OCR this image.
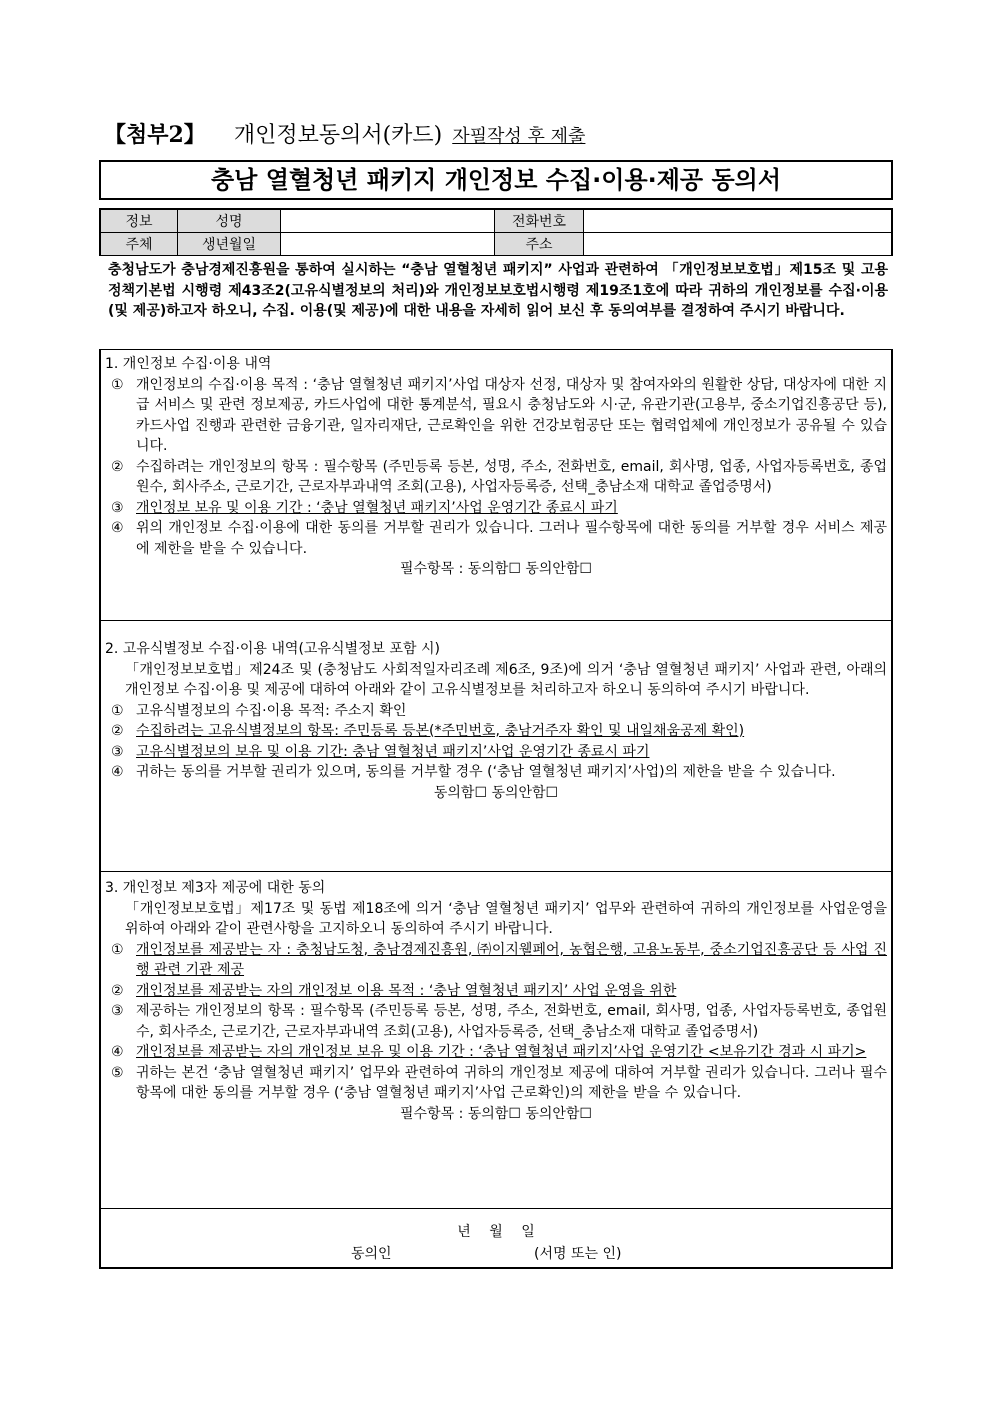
【첨부2】 개인정보동의서(카드) 자필작성 후 제출
충남 열혈청년 패키지 개인정보 수집·이용·제공 동의서
정보	성명		전화번호	
주체	생년월일		주소	
충청남도가 충남경제진흥원을 통하여 실시하는 “충남 열혈청년 패키지” 사업과 관련하여 「개인정보보호법」제15조 및 고용정책기본법 시행령 제43조2(고유식별정보의 처리)와 개인정보보호법시행령 제19조1호에 따라 귀하의 개인정보를 수집·이용(및 제공)하고자 하오니, 수집. 이용(및 제공)에 대한 내용을 자세히 읽어 보신 후 동의여부를 결정하여 주시기 바랍니다.

1. 개인정보 수집·이용 내역

① 개인정보의 수집·이용 목적 : ‘충남 열혈청년 패키지’사업 대상자 선정, 대상자 및 참여자와의 원활한 상담, 대상자에 대한 지급 서비스 및 관련 정보제공, 카드사업에 대한 통계분석, 필요시 충청남도와 시·군, 유관기관(고용부, 중소기업진흥공단 등), 카드사업 진행과 관련한 금융기관, 일자리재단, 근로확인을 위한 건강보험공단 또는 협력업체에 개인정보가 공유될 수 있습니다.
② 수집하려는 개인정보의 항목 : 필수항목 (주민등록 등본, 성명, 주소, 전화번호, email, 회사명, 업종, 사업자등록번호, 종업원수, 회사주소, 근로기간, 근로자부과내역 조회(고용), 사업자등록증, 선택_충남소재 대학교 졸업증명서)
③ 개인정보 보유 및 이용 기간 : ‘충남 열혈청년 패키지’사업 운영기간 종료시 파기
④ 위의 개인정보 수집·이용에 대한 동의를 거부할 권리가 있습니다. 그러나 필수항목에 대한 동의를 거부할 경우 서비스 제공에 제한을 받을 수 있습니다.

필수항목 : 동의함☐ 동의안함☐

2. 고유식별정보 수집·이용 내역(고유식별정보 포함 시)

「개인정보보호법」제24조 및 (충청남도 사회적일자리조례 제6조, 9조)에 의거 ‘충남 열혈청년 패키지’ 사업과 관련, 아래의 개인정보 수집·이용 및 제공에 대하여 아래와 같이 고유식별정보를 처리하고자 하오니 동의하여 주시기 바랍니다.

① 고유식별정보의 수집·이용 목적: 주소지 확인
② 수집하려는 고유식별정보의 항목: 주민등록 등본(*주민번호, 충남거주자 확인 및 내일채움공제 확인)
③ 고유식별정보의 보유 및 이용 기간: 충남 열혈청년 패키지’사업 운영기간 종료시 파기
④ 귀하는 동의를 거부할 권리가 있으며, 동의를 거부할 경우 (‘충남 열혈청년 패키지’사업)의 제한을 받을 수 있습니다.

동의함☐ 동의안함☐

3. 개인정보 제3자 제공에 대한 동의

「개인정보보호법」제17조 및 동법 제18조에 의거 ‘충남 열혈청년 패키지’ 업무와 관련하여 귀하의 개인정보를 사업운영을 위하여 아래와 같이 관련사항을 고지하오니 동의하여 주시기 바랍니다.

① 개인정보를 제공받는 자 : 충청남도청, 충남경제진흥원, ㈜이지웰페어, 농협은행, 고용노동부, 중소기업진흥공단 등 사업 진행 관련 기관 제공
② 개인정보를 제공받는 자의 개인정보 이용 목적 : ‘충남 열혈청년 패키지’ 사업 운영을 위한
③ 제공하는 개인정보의 항목 : 필수항목 (주민등록 등본, 성명, 주소, 전화번호, email, 회사명, 업종, 사업자등록번호, 종업원수, 회사주소, 근로기간, 근로자부과내역 조회(고용), 사업자등록증, 선택_충남소재 대학교 졸업증명서)
④ 개인정보를 제공받는 자의 개인정보 보유 및 이용 기간 : ‘충남 열혈청년 패키지’사업 운영기간 <보유기간 경과 시 파기>
⑤ 귀하는 본건 ‘충남 열혈청년 패키지’ 업무와 관련하여 귀하의 개인정보 제공에 대하여 거부할 권리가 있습니다. 그러나 필수항목에 대한 동의를 거부할 경우 (‘충남 열혈청년 패키지’사업 근로확인)의 제한을 받을 수 있습니다.

필수항목 : 동의함☐ 동의안함☐

년 월 일
동의인	(서명 또는 인)
